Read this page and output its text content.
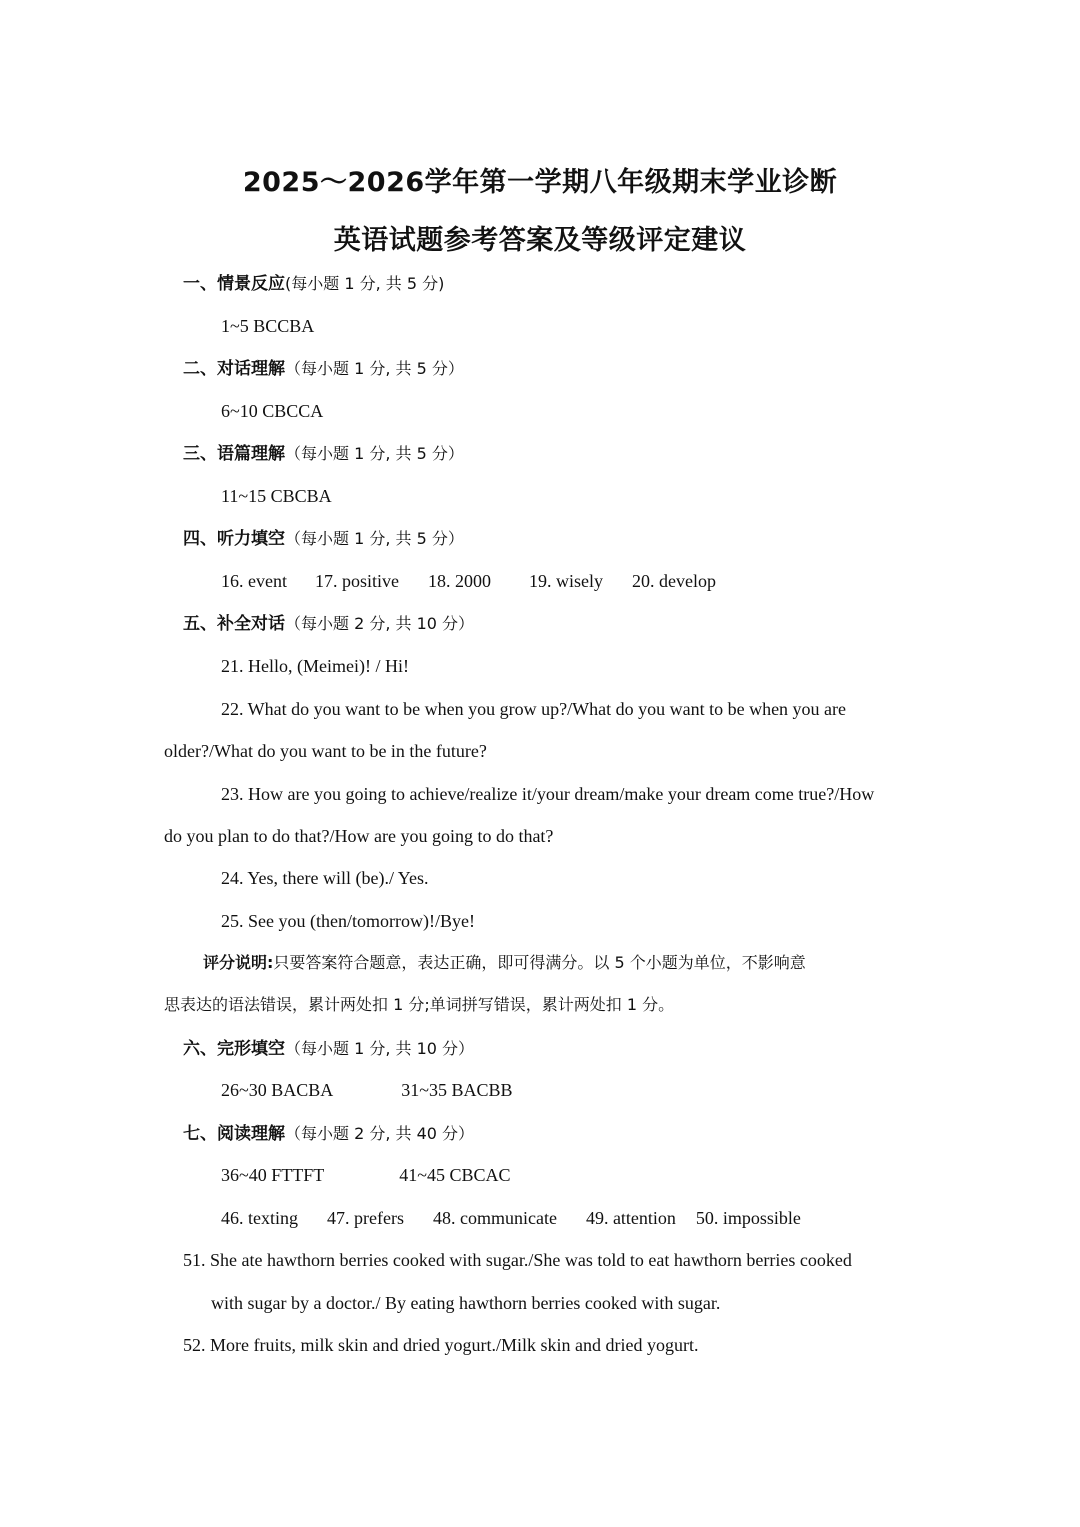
2025～2026学年第一学期八年级期末学业诊断
英语试题参考答案及等级评定建议
一、情景反应(每小题 1 分, 共 5 分)
1~5 BCCBA
二、对话理解（每小题 1 分, 共 5 分）
6~10 CBCCA
三、语篇理解（每小题 1 分, 共 5 分）
11~15 CBCBA
四、听力填空（每小题 1 分, 共 5 分）
16. event 17. positive 18. 2000 19. wisely 20. develop
五、补全对话（每小题 2 分, 共 10 分）
21. Hello, (Meimei)! / Hi!
22. What do you want to be when you grow up?/What do you want to be when you are
older?/What do you want to be in the future?
23. How are you going to achieve/realize it/your dream/make your dream come true?/How
do you plan to do that?/How are you going to do that?
24. Yes, there will (be)./ Yes.
25. See you (then/tomorrow)!/Bye!
评分说明:只要答案符合题意，表达正确，即可得满分。以 5 个小题为单位，不影响意
思表达的语法错误，累计两处扣 1 分;单词拼写错误，累计两处扣 1 分。
六、完形填空（每小题 1 分, 共 10 分）
26~30 BACBA	31~35 BACBB
七、阅读理解（每小题 2 分, 共 40 分）
36~40 FTTFT	41~45 CBCAC
46. texting 47. prefers 48. communicate 49. attention 50. impossible
51. She ate hawthorn berries cooked with sugar./She was told to eat hawthorn berries cooked
with sugar by a doctor./ By eating hawthorn berries cooked with sugar.
52. More fruits, milk skin and dried yogurt./Milk skin and dried yogurt.
